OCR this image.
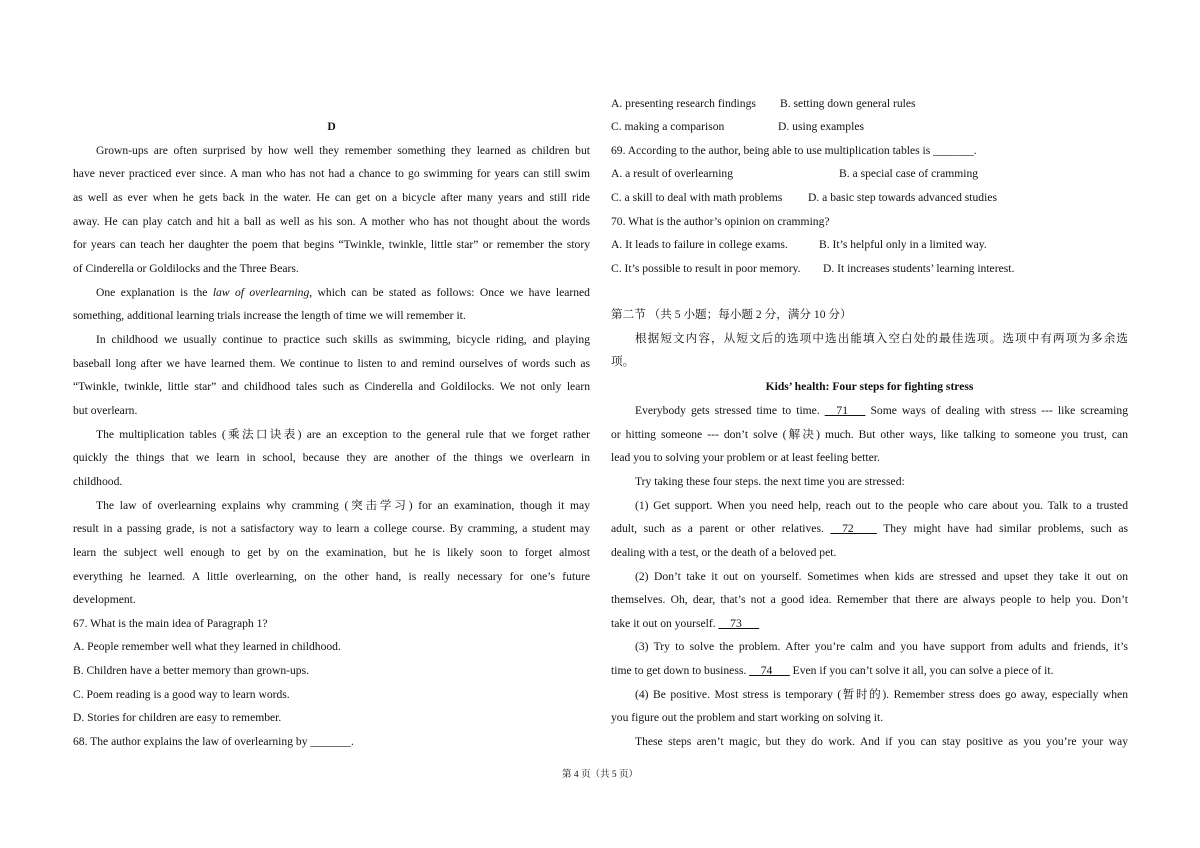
D
Grown-ups are often surprised by how well they remember something they learned as children but
have never practiced ever since. A man who has not had a chance to go swimming for years can still swim
as well as ever when he gets back in the water. He can get on a bicycle after many years and still ride
away. He can play catch and hit a ball as well as his son. A mother who has not thought about the words
for years can teach her daughter the poem that begins “Twinkle, twinkle, little star” or remember the story
of Cinderella or Goldilocks and the Three Bears.
One explanation is the law of overlearning, which can be stated as follows: Once we have learned
something, additional learning trials increase the length of time we will remember it.
In childhood we usually continue to practice such skills as swimming, bicycle riding, and playing
baseball long after we have learned them. We continue to listen to and remind ourselves of words such as
“Twinkle, twinkle, little star” and childhood tales such as Cinderella and Goldilocks. We not only learn
but overlearn.
The multiplication tables (乘法口诀表) are an exception to the general rule that we forget rather
quickly the things that we learn in school, because they are another of the things we overlearn in
childhood.
The law of overlearning explains why cramming (突击学习) for an examination, though it may
result in a passing grade, is not a satisfactory way to learn a college course. By cramming, a student may
learn the subject well enough to get by on the examination, but he is likely soon to forget almost
everything he learned. A little overlearning, on the other hand, is really necessary for one’s future
development.
67. What is the main idea of Paragraph 1?
A. People remember well what they learned in childhood.
B. Children have a better memory than grown-ups.
C. Poem reading is a good way to learn words.
D. Stories for children are easy to remember.
68. The author explains the law of overlearning by _______.
A. presenting research findings B. setting down general rules
C. making a comparison	D. using examples
69. According to the author, being able to use multiplication tables is _______.
A. a result of overlearning	B. a special case of cramming
C. a skill to deal with math problems D. a basic step towards advanced studies
70. What is the author’s opinion on cramming?
A. It leads to failure in college exams.	B. It’s helpful only in a limited way.
C. It’s possible to result in poor memory. D. It increases students’ learning interest.
第二节 （共 5 小题；每小题 2 分，满分 10 分）
根据短文内容，从短文后的选项中选出能填入空白处的最佳选项。选项中有两项为多余选
项。
Kids’ health: Four steps for fighting stress
Everybody gets stressed time to time. __71___ Some ways of dealing with stress --- like screaming
or hitting someone --- don’t solve (解决) much. But other ways, like talking to someone you trust, can
lead you to solving your problem or at least feeling better.
Try taking these four steps. the next time you are stressed:
(1) Get support. When you need help, reach out to the people who care about you. Talk to a trusted
adult, such as a parent or other relatives. __72____ They might have had similar problems, such as
dealing with a test, or the death of a beloved pet.
(2) Don’t take it out on yourself. Sometimes when kids are stressed and upset they take it out on
themselves. Oh, dear, that’s not a good idea. Remember that there are always people to help you. Don’t
take it out on yourself. __73___
(3) Try to solve the problem. After you’re calm and you have support from adults and friends, it’s
time to get down to business. __74___ Even if you can’t solve it all, you can solve a piece of it.
(4) Be positive. Most stress is temporary (暂时的). Remember stress does go away, especially when
you figure out the problem and start working on solving it.
These steps aren’t magic, but they do work. And if you can stay positive as you you’re your way
第 4 页（共 5 页）
